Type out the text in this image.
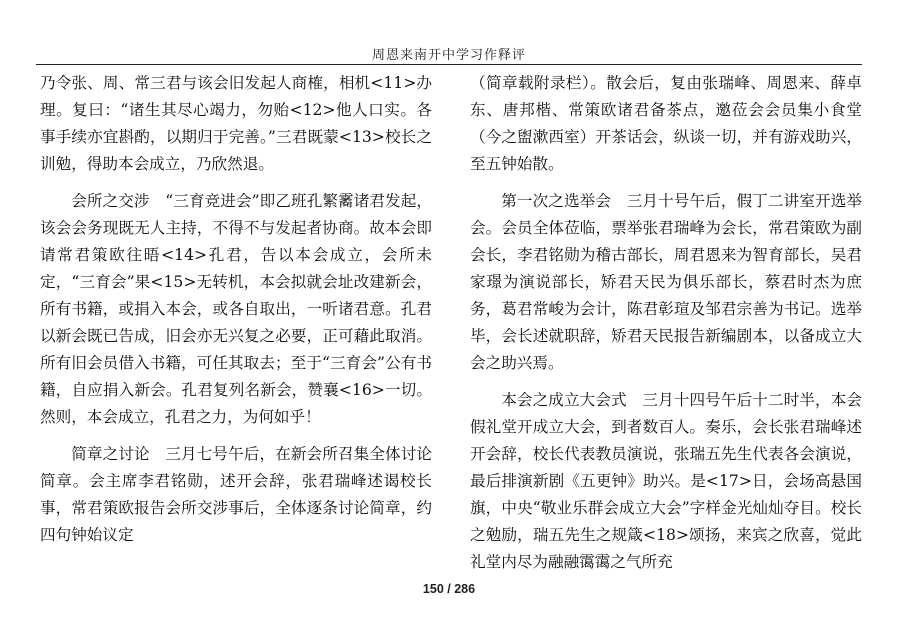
周恩来南开中学习作释评

乃令张、周、常三君与该会旧发起人商榷，相机<11>办理。复曰：“诸生其尽心竭力，勿贻<12>他人口实。各事手续亦宜斟酌，以期归于完善。”三君既蒙<13>校长之训勉，得助本会成立，乃欣然退。

会所之交涉　“三育竞进会”即乙班孔繁霱诸君发起，该会会务现既无人主持，不得不与发起者协商。故本会即请常君策欧往晤<14>孔君，告以本会成立，会所未定，“三育会”果<15>无转机，本会拟就会址改建新会，所有书籍，或捐入本会，或各自取出，一听诸君意。孔君以新会既已告成，旧会亦无兴复之必要，正可藉此取消。所有旧会员借入书籍，可任其取去；至于“三育会”公有书籍，自应捐入新会。孔君复列名新会，赞襄<16>一切。然则，本会成立，孔君之力，为何如乎！

简章之讨论　三月七号午后，在新会所召集全体讨论简章。会主席李君铭勋，述开会辞，张君瑞峰述谒校长事，常君策欧报告会所交涉事后，全体逐条讨论简章，约四句钟始议定

（简章载附录栏）。散会后，复由张瑞峰、周恩来、薛卓东、唐邦楷、常策欧诸君备茶点，邀莅会会员集小食堂（今之盥漱西室）开茶话会，纵谈一切，并有游戏助兴，至五钟始散。

第一次之选举会　三月十号午后，假丁二讲室开选举会。会员全体莅临，票举张君瑞峰为会长，常君策欧为副会长，李君铭勋为稽古部长，周君恩来为智育部长，吴君家璟为演说部长，矫君天民为俱乐部长，蔡君时杰为庶务，葛君常峻为会计，陈君彰瑄及邹君宗善为书记。选举毕，会长述就职辞，矫君天民报告新编剧本，以备成立大会之助兴焉。

本会之成立大会式　三月十四号午后十二时半，本会假礼堂开成立大会，到者数百人。奏乐，会长张君瑞峰述开会辞，校长代表教员演说，张瑞五先生代表各会演说，最后排演新剧《五更钟》助兴。是<17>日，会场高悬国旗，中央“敬业乐群会成立大会”字样金光灿灿夺目。校长之勉励，瑞五先生之规箴<18>颂扬，来宾之欣喜，觉此礼堂内尽为融融霭霭之气所充

150 / 286
